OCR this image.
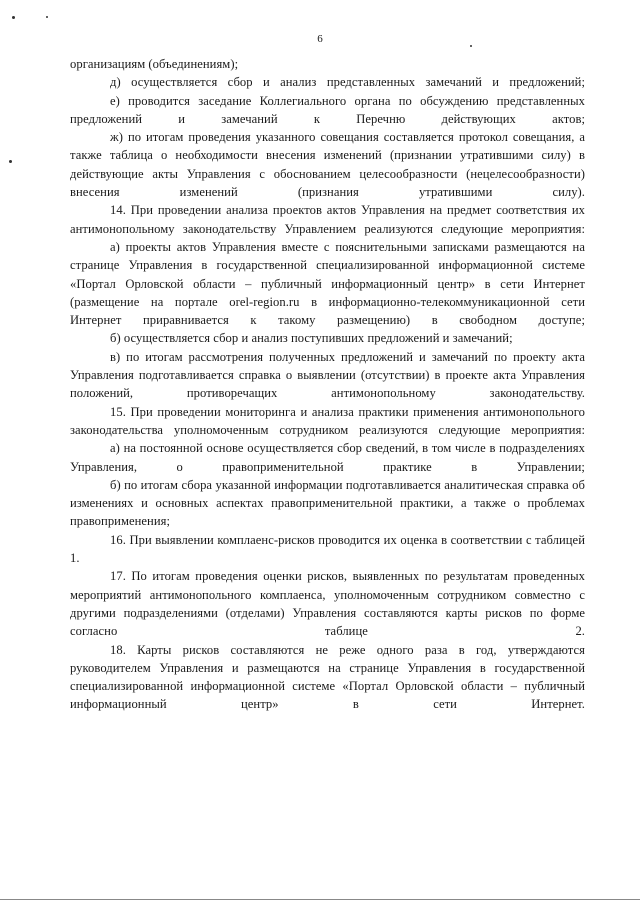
6

организациям (объединениям);

д) осуществляется сбор и анализ представленных замечаний и предложений;

е) проводится заседание Коллегиального органа по обсуждению представленных предложений и замечаний к Перечню действующих актов;

ж) по итогам проведения указанного совещания составляется протокол совещания, а также таблица о необходимости внесения изменений (признании утратившими силу) в действующие акты Управления с обоснованием целесообразности (нецелесообразности) внесения изменений (признания утратившими силу).

14. При проведении анализа проектов актов Управления на предмет соответствия их антимонопольному законодательству Управлением реализуются следующие мероприятия:

а) проекты актов Управления вместе с пояснительными записками размещаются на странице Управления в государственной специализированной информационной системе «Портал Орловской области – публичный информационный центр» в сети Интернет (размещение на портале orel-region.ru в информационно-телекоммуникационной сети Интернет приравнивается к такому размещению) в свободном доступе;

б) осуществляется сбор и анализ поступивших предложений и замечаний;

в) по итогам рассмотрения полученных предложений и замечаний по проекту акта Управления подготавливается справка о выявлении (отсутствии) в проекте акта Управления положений, противоречащих антимонопольному законодательству.

15. При проведении мониторинга и анализа практики применения антимонопольного законодательства уполномоченным сотрудником реализуются следующие мероприятия:

а) на постоянной основе осуществляется сбор сведений, в том числе в подразделениях Управления, о правоприменительной практике в Управлении;

б) по итогам сбора указанной информации подготавливается аналитическая справка об изменениях и основных аспектах правоприменительной практики, а также о проблемах правоприменения;

16. При выявлении комплаенс-рисков проводится их оценка в соответствии с таблицей 1.

17. По итогам проведения оценки рисков, выявленных по результатам проведенных мероприятий антимонопольного комплаенса, уполномоченным сотрудником совместно с другими подразделениями (отделами) Управления составляются карты рисков по форме согласно таблице 2.

18. Карты рисков составляются не реже одного раза в год, утверждаются руководителем Управления и размещаются на странице Управления в государственной специализированной информационной системе «Портал Орловской области – публичный информационный центр» в сети Интернет.
